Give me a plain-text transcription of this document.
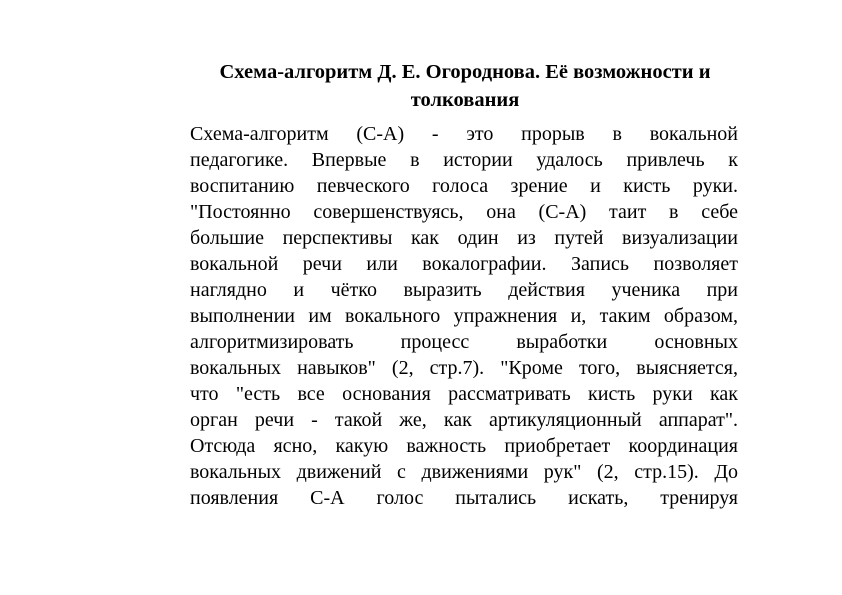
Схема-алгоритм Д. Е. Огороднова. Её возможности и
толкования
Схема-алгоритм (С-А) - это прорыв в вокальной
педагогике. Впервые в истории удалось привлечь к
воспитанию певческого голоса зрение и кисть руки.
"Постоянно совершенствуясь, она (С-А) таит в себе
большие перспективы как один из путей визуализации
вокальной речи или вокалографии. Запись позволяет
наглядно и чётко выразить действия ученика при
выполнении им вокального упражнения и, таким образом,
алгоритмизировать процесс выработки основных
вокальных навыков" (2, стр.7). "Кроме того, выясняется,
что "есть все основания рассматривать кисть руки как
орган речи - такой же, как артикуляционный аппарат".
Отсюда ясно, какую важность приобретает координация
вокальных движений с движениями рук" (2, стр.15). До
появления С-А голос пытались искать, тренируя
